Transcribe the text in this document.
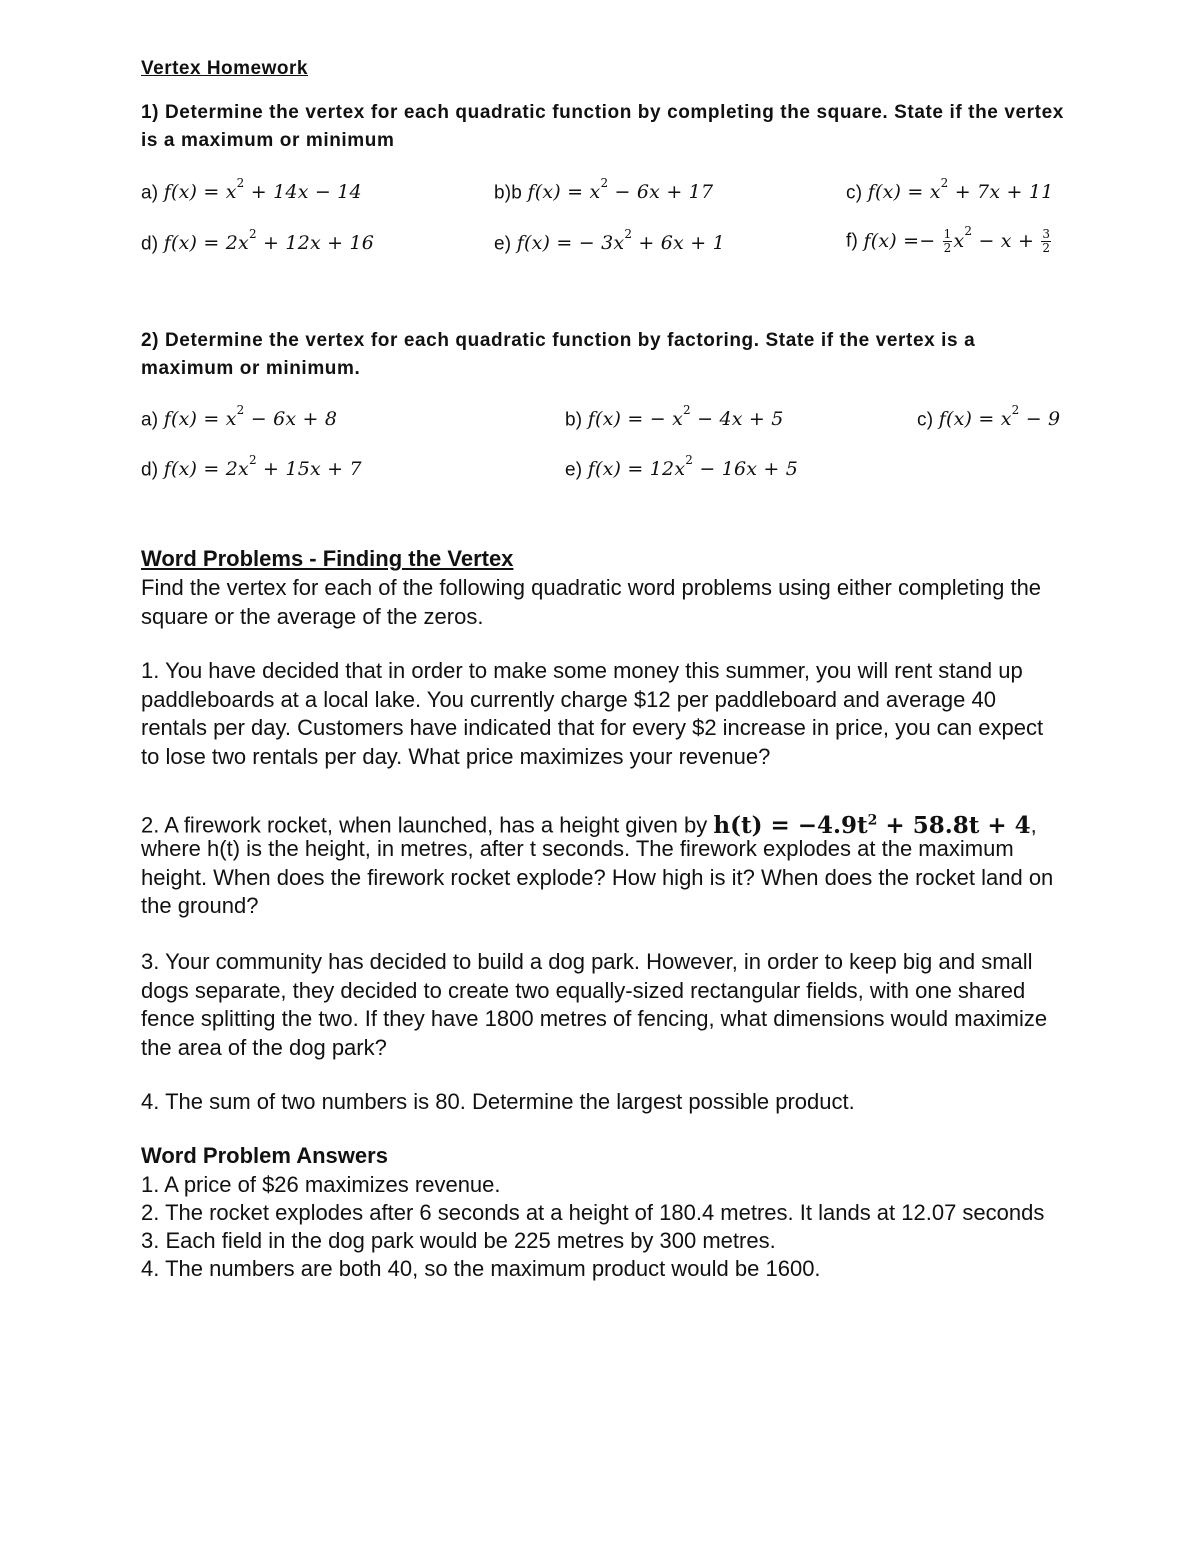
Vertex Homework
1) Determine the vertex for each quadratic function by completing the square. State if the vertex
is a maximum or minimum
a) $f(x) = x^2 + 14x - 14$	b)b $f(x) = x^2 - 6x + 17$	c) $f(x) = x^2 + 7x + 11$
d) $f(x) = 2x^2 + 12x + 16$	e) f(x) = − $3x^2 + 6x + 1$	f) $f(x) =- \frac{1}{2} x^2 - x + \frac{3}{2}$
2) Determine the vertex for each quadratic function by factoring. State if the vertex is a
maximum or minimum.
a) $f(x) = x^2 - 6x + 8$	b) f(x) = − $x^2 - 4x + 5$	c) $f(x) = x^2 - 9$
d) $f(x) = 2x^2 + 15x + 7$	e) $f(x) = 12x^2 - 16x + 5$
Word Problems - Finding the Vertex
Find the vertex for each of the following quadratic word problems using either completing the
square or the average of the zeros.
1. You have decided that in order to make some money this summer, you will rent stand up
paddleboards at a local lake. You currently charge $12 per paddleboard and average 40
rentals per day. Customers have indicated that for every $2 increase in price, you can expect
to lose two rentals per day. What price maximizes your revenue?
2. A firework rocket, when launched, has a height given by $h(t) = -4.9t^2 + 58.8t + 4$,
where h(t) is the height, in metres, after t seconds. The firework explodes at the maximum
height. When does the firework rocket explode? How high is it? When does the rocket land on
the ground?
3. Your community has decided to build a dog park. However, in order to keep big and small
dogs separate, they decided to create two equally-sized rectangular fields, with one shared
fence splitting the two. If they have 1800 metres of fencing, what dimensions would maximize
the area of the dog park?
4. The sum of two numbers is 80. Determine the largest possible product.
Word Problem Answers
1. A price of $26 maximizes revenue.
2. The rocket explodes after 6 seconds at a height of 180.4 metres. It lands at 12.07 seconds
3. Each field in the dog park would be 225 metres by 300 metres.
4. The numbers are both 40, so the maximum product would be 1600.
